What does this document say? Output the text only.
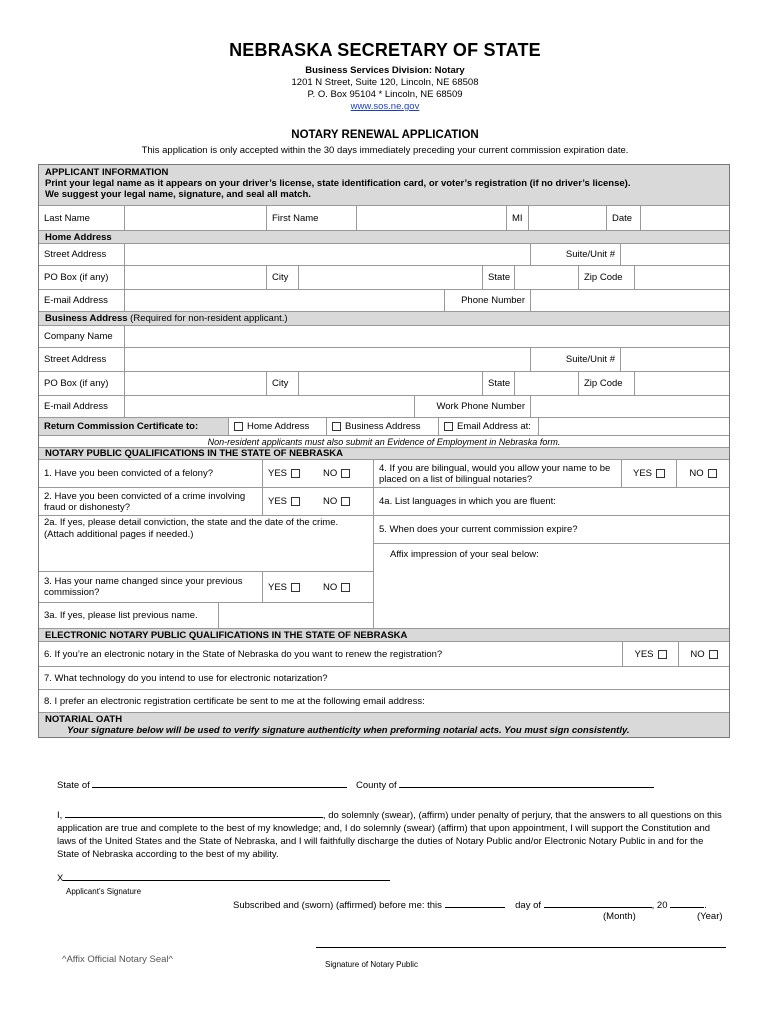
NEBRASKA SECRETARY OF STATE
Business Services Division: Notary
1201 N Street, Suite 120, Lincoln, NE 68508
P. O. Box 95104 * Lincoln, NE 68509
www.sos.ne.gov
NOTARY RENEWAL APPLICATION
This application is only accepted within the 30 days immediately preceding your current commission expiration date.
APPLICANT INFORMATION
Print your legal name as it appears on your driver’s license, state identification card, or voter’s registration (if no driver’s license).
We suggest your legal name, signature, and seal all match.
Last Name	First Name	MI	Date
Home Address
Street Address	Suite/Unit #
PO Box (if any)	City	State	Zip Code
E-mail Address	Phone Number
Business Address (Required for non-resident applicant.)
Company Name
Street Address	Suite/Unit #
PO Box (if any)	City	State	Zip Code
E-mail Address	Work Phone Number
Return Commission Certificate to:	Home Address	Business Address	Email Address at:
Non-resident applicants must also submit an Evidence of Employment in Nebraska form.
NOTARY PUBLIC QUALIFICATIONS IN THE STATE OF NEBRASKA
1. Have you been convicted of a felony?	YES	NO
2. Have you been convicted of a crime involving fraud or dishonesty?	YES	NO
2a. If yes, please detail conviction, the state and the date of the crime. (Attach additional pages if needed.)
3. Has your name changed since your previous commission?	YES	NO
3a. If yes, please list previous name.
4. If you are bilingual, would you allow your name to be placed on a list of bilingual notaries?	YES	NO
4a. List languages in which you are fluent:
5. When does your current commission expire?
Affix impression of your seal below:
ELECTRONIC NOTARY PUBLIC QUALIFICATIONS IN THE STATE OF NEBRASKA
6. If you’re an electronic notary in the State of Nebraska do you want to renew the registration?	YES	NO
7. What technology do you intend to use for electronic notarization?
8. I prefer an electronic registration certificate be sent to me at the following email address:
NOTARIAL OATH
Your signature below will be used to verify signature authenticity when preforming notarial acts. You must sign consistently.
State of	County of
I,	, do solemnly (swear), (affirm) under penalty of perjury, that the answers to all questions on this application are true and complete to the best of my knowledge; and, I do solemnly (swear) (affirm) that upon appointment, I will support the Constitution and laws of the United States and the State of Nebraska, and I will faithfully discharge the duties of Notary Public and/or Electronic Notary Public in and for the State of Nebraska according to the best of my ability.
X
Applicant’s Signature
Subscribed and (sworn) (affirmed) before me: this	day of	, 20	.
(Month)	(Year)
^Affix Official Notary Seal^	Signature of Notary Public
